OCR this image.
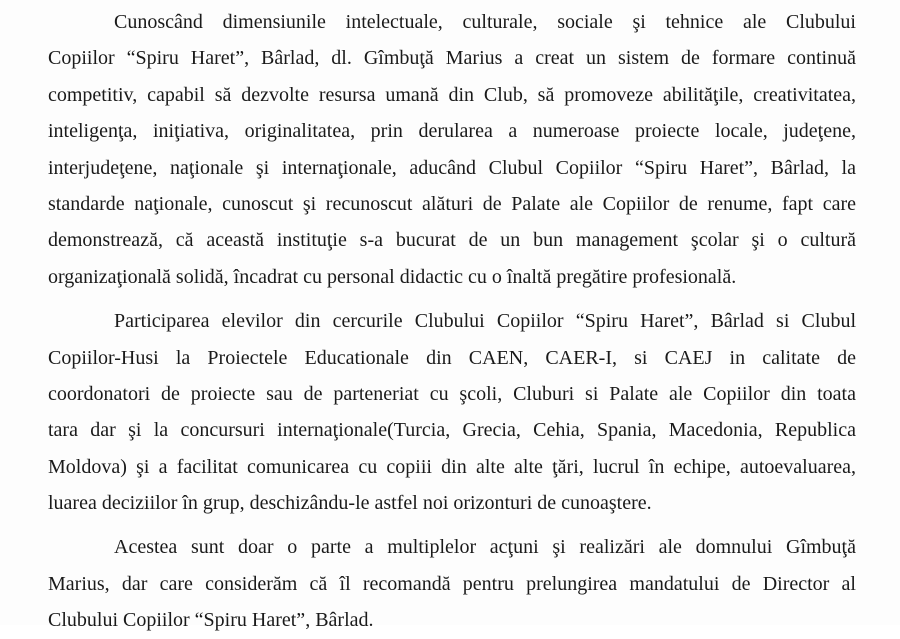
Cunoscând dimensiunile intelectuale, culturale, sociale şi tehnice ale Clubului
Copiilor “Spiru Haret”, Bârlad, dl. Gîmbuţă Marius a creat un sistem de formare continuă
competitiv, capabil să dezvolte resursa umană din Club, să promoveze abilităţile, creativitatea,
inteligenţa, iniţiativa, originalitatea, prin derularea a numeroase proiecte locale, judeţene,
interjudeţene, naţionale şi internaţionale, aducând Clubul Copiilor “Spiru Haret”, Bârlad, la
standarde naţionale, cunoscut şi recunoscut alături de Palate ale Copiilor de renume, fapt care
demonstrează, că această instituţie s-a bucurat de un bun management şcolar şi o cultură
organizaţională solidă, încadrat cu personal didactic cu o înaltă pregătire profesională.
Participarea elevilor din cercurile Clubului Copiilor “Spiru Haret”, Bârlad si Clubul
Copiilor-Husi la Proiectele Educationale din CAEN, CAER-I, si CAEJ in calitate de
coordonatori de proiecte sau de parteneriat cu şcoli, Cluburi si Palate ale Copiilor din toata
tara dar şi la concursuri internaţionale(Turcia, Grecia, Cehia, Spania, Macedonia, Republica
Moldova) şi a facilitat comunicarea cu copiii din alte alte ţări, lucrul în echipe, autoevaluarea,
luarea deciziilor în grup, deschizându-le astfel noi orizonturi de cunoaştere.
Acestea sunt doar o parte a multiplelor acţuni şi realizări ale domnului Gîmbuţă
Marius, dar care considerăm că îl recomandă pentru prelungirea mandatului de Director al
Clubului Copiilor “Spiru Haret”, Bârlad.
